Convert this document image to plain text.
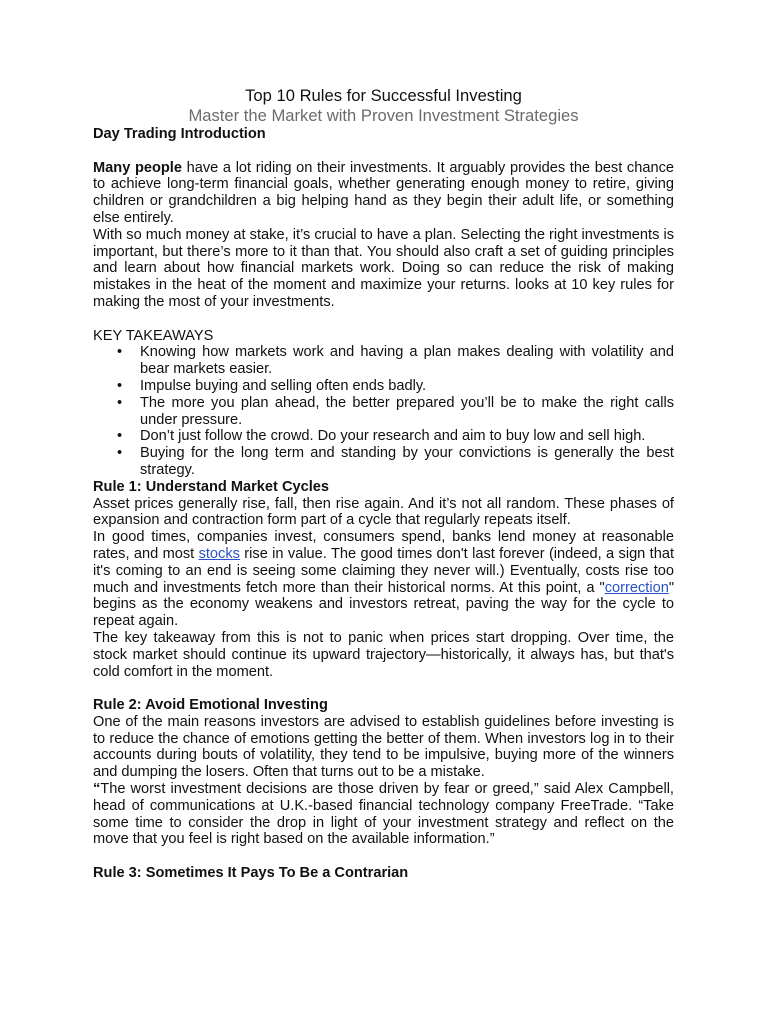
Top 10 Rules for Successful Investing
Master the Market with Proven Investment Strategies
Day Trading Introduction

Many people have a lot riding on their investments. It arguably provides the best chance to achieve long-term financial goals, whether generating enough money to retire, giving children or grandchildren a big helping hand as they begin their adult life, or something else entirely.

With so much money at stake, it’s crucial to have a plan. Selecting the right investments is important, but there’s more to it than that. You should also craft a set of guiding principles and learn about how financial markets work. Doing so can reduce the risk of making mistakes in the heat of the moment and maximize your returns. looks at 10 key rules for making the most of your investments.

KEY TAKEAWAYS
• Knowing how markets work and having a plan makes dealing with volatility and bear markets easier.
• Impulse buying and selling often ends badly.
• The more you plan ahead, the better prepared you’ll be to make the right calls under pressure.
• Don’t just follow the crowd. Do your research and aim to buy low and sell high.
• Buying for the long term and standing by your convictions is generally the best strategy.
Rule 1: Understand Market Cycles

Asset prices generally rise, fall, then rise again. And it’s not all random. These phases of expansion and contraction form part of a cycle that regularly repeats itself.

In good times, companies invest, consumers spend, banks lend money at reasonable rates, and most stocks rise in value. The good times don't last forever (indeed, a sign that it's coming to an end is seeing some claiming they never will.) Eventually, costs rise too much and investments fetch more than their historical norms. At this point, a "correction" begins as the economy weakens and investors retreat, paving the way for the cycle to repeat again.

The key takeaway from this is not to panic when prices start dropping. Over time, the stock market should continue its upward trajectory—historically, it always has, but that's cold comfort in the moment.

Rule 2: Avoid Emotional Investing

One of the main reasons investors are advised to establish guidelines before investing is to reduce the chance of emotions getting the better of them. When investors log in to their accounts during bouts of volatility, they tend to be impulsive, buying more of the winners and dumping the losers. Often that turns out to be a mistake.

“The worst investment decisions are those driven by fear or greed,” said Alex Campbell, head of communications at U.K.-based financial technology company FreeTrade. “Take some time to consider the drop in light of your investment strategy and reflect on the move that you feel is right based on the available information.”

Rule 3: Sometimes It Pays To Be a Contrarian
